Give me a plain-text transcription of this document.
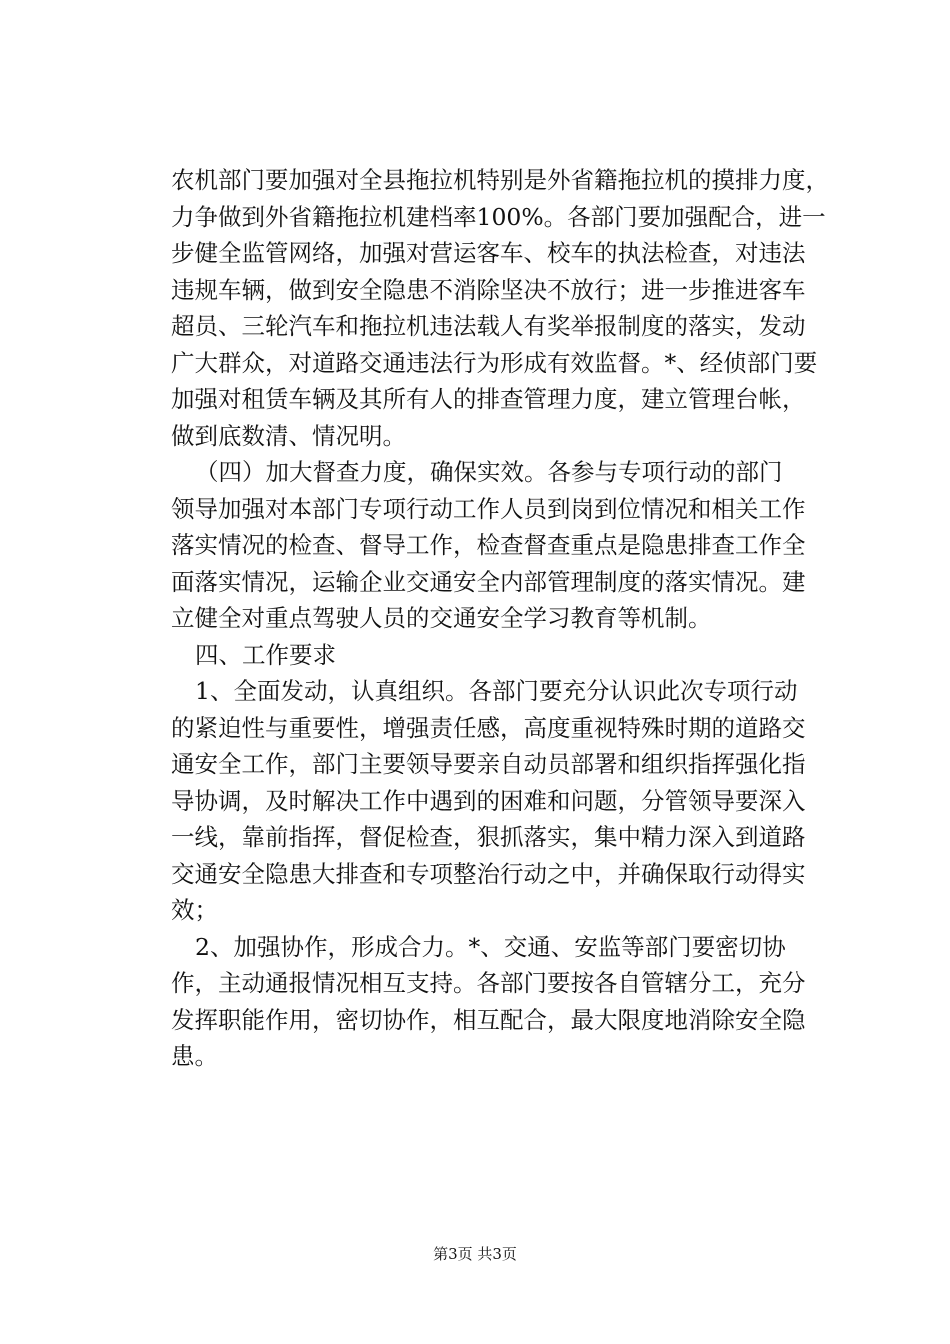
农机部门要加强对全县拖拉机特别是外省籍拖拉机的摸排力度，
力争做到外省籍拖拉机建档率100%。各部门要加强配合，进一
步健全监管网络，加强对营运客车、校车的执法检查，对违法
违规车辆，做到安全隐患不消除坚决不放行；进一步推进客车
超员、三轮汽车和拖拉机违法载人有奖举报制度的落实，发动
广大群众，对道路交通违法行为形成有效监督。*、经侦部门要
加强对租赁车辆及其所有人的排查管理力度，建立管理台帐，
做到底数清、情况明。
（四）加大督查力度，确保实效。各参与专项行动的部门
领导加强对本部门专项行动工作人员到岗到位情况和相关工作
落实情况的检查、督导工作，检查督查重点是隐患排查工作全
面落实情况，运输企业交通安全内部管理制度的落实情况。建
立健全对重点驾驶人员的交通安全学习教育等机制。
四、工作要求
1、全面发动，认真组织。各部门要充分认识此次专项行动
的紧迫性与重要性，增强责任感，高度重视特殊时期的道路交
通安全工作，部门主要领导要亲自动员部署和组织指挥强化指
导协调，及时解决工作中遇到的困难和问题，分管领导要深入
一线，靠前指挥，督促检查，狠抓落实，集中精力深入到道路
交通安全隐患大排查和专项整治行动之中，并确保取行动得实
效；
2、加强协作，形成合力。*、交通、安监等部门要密切协
作，主动通报情况相互支持。各部门要按各自管辖分工，充分
发挥职能作用，密切协作，相互配合，最大限度地消除安全隐
患。
第3页 共3页
